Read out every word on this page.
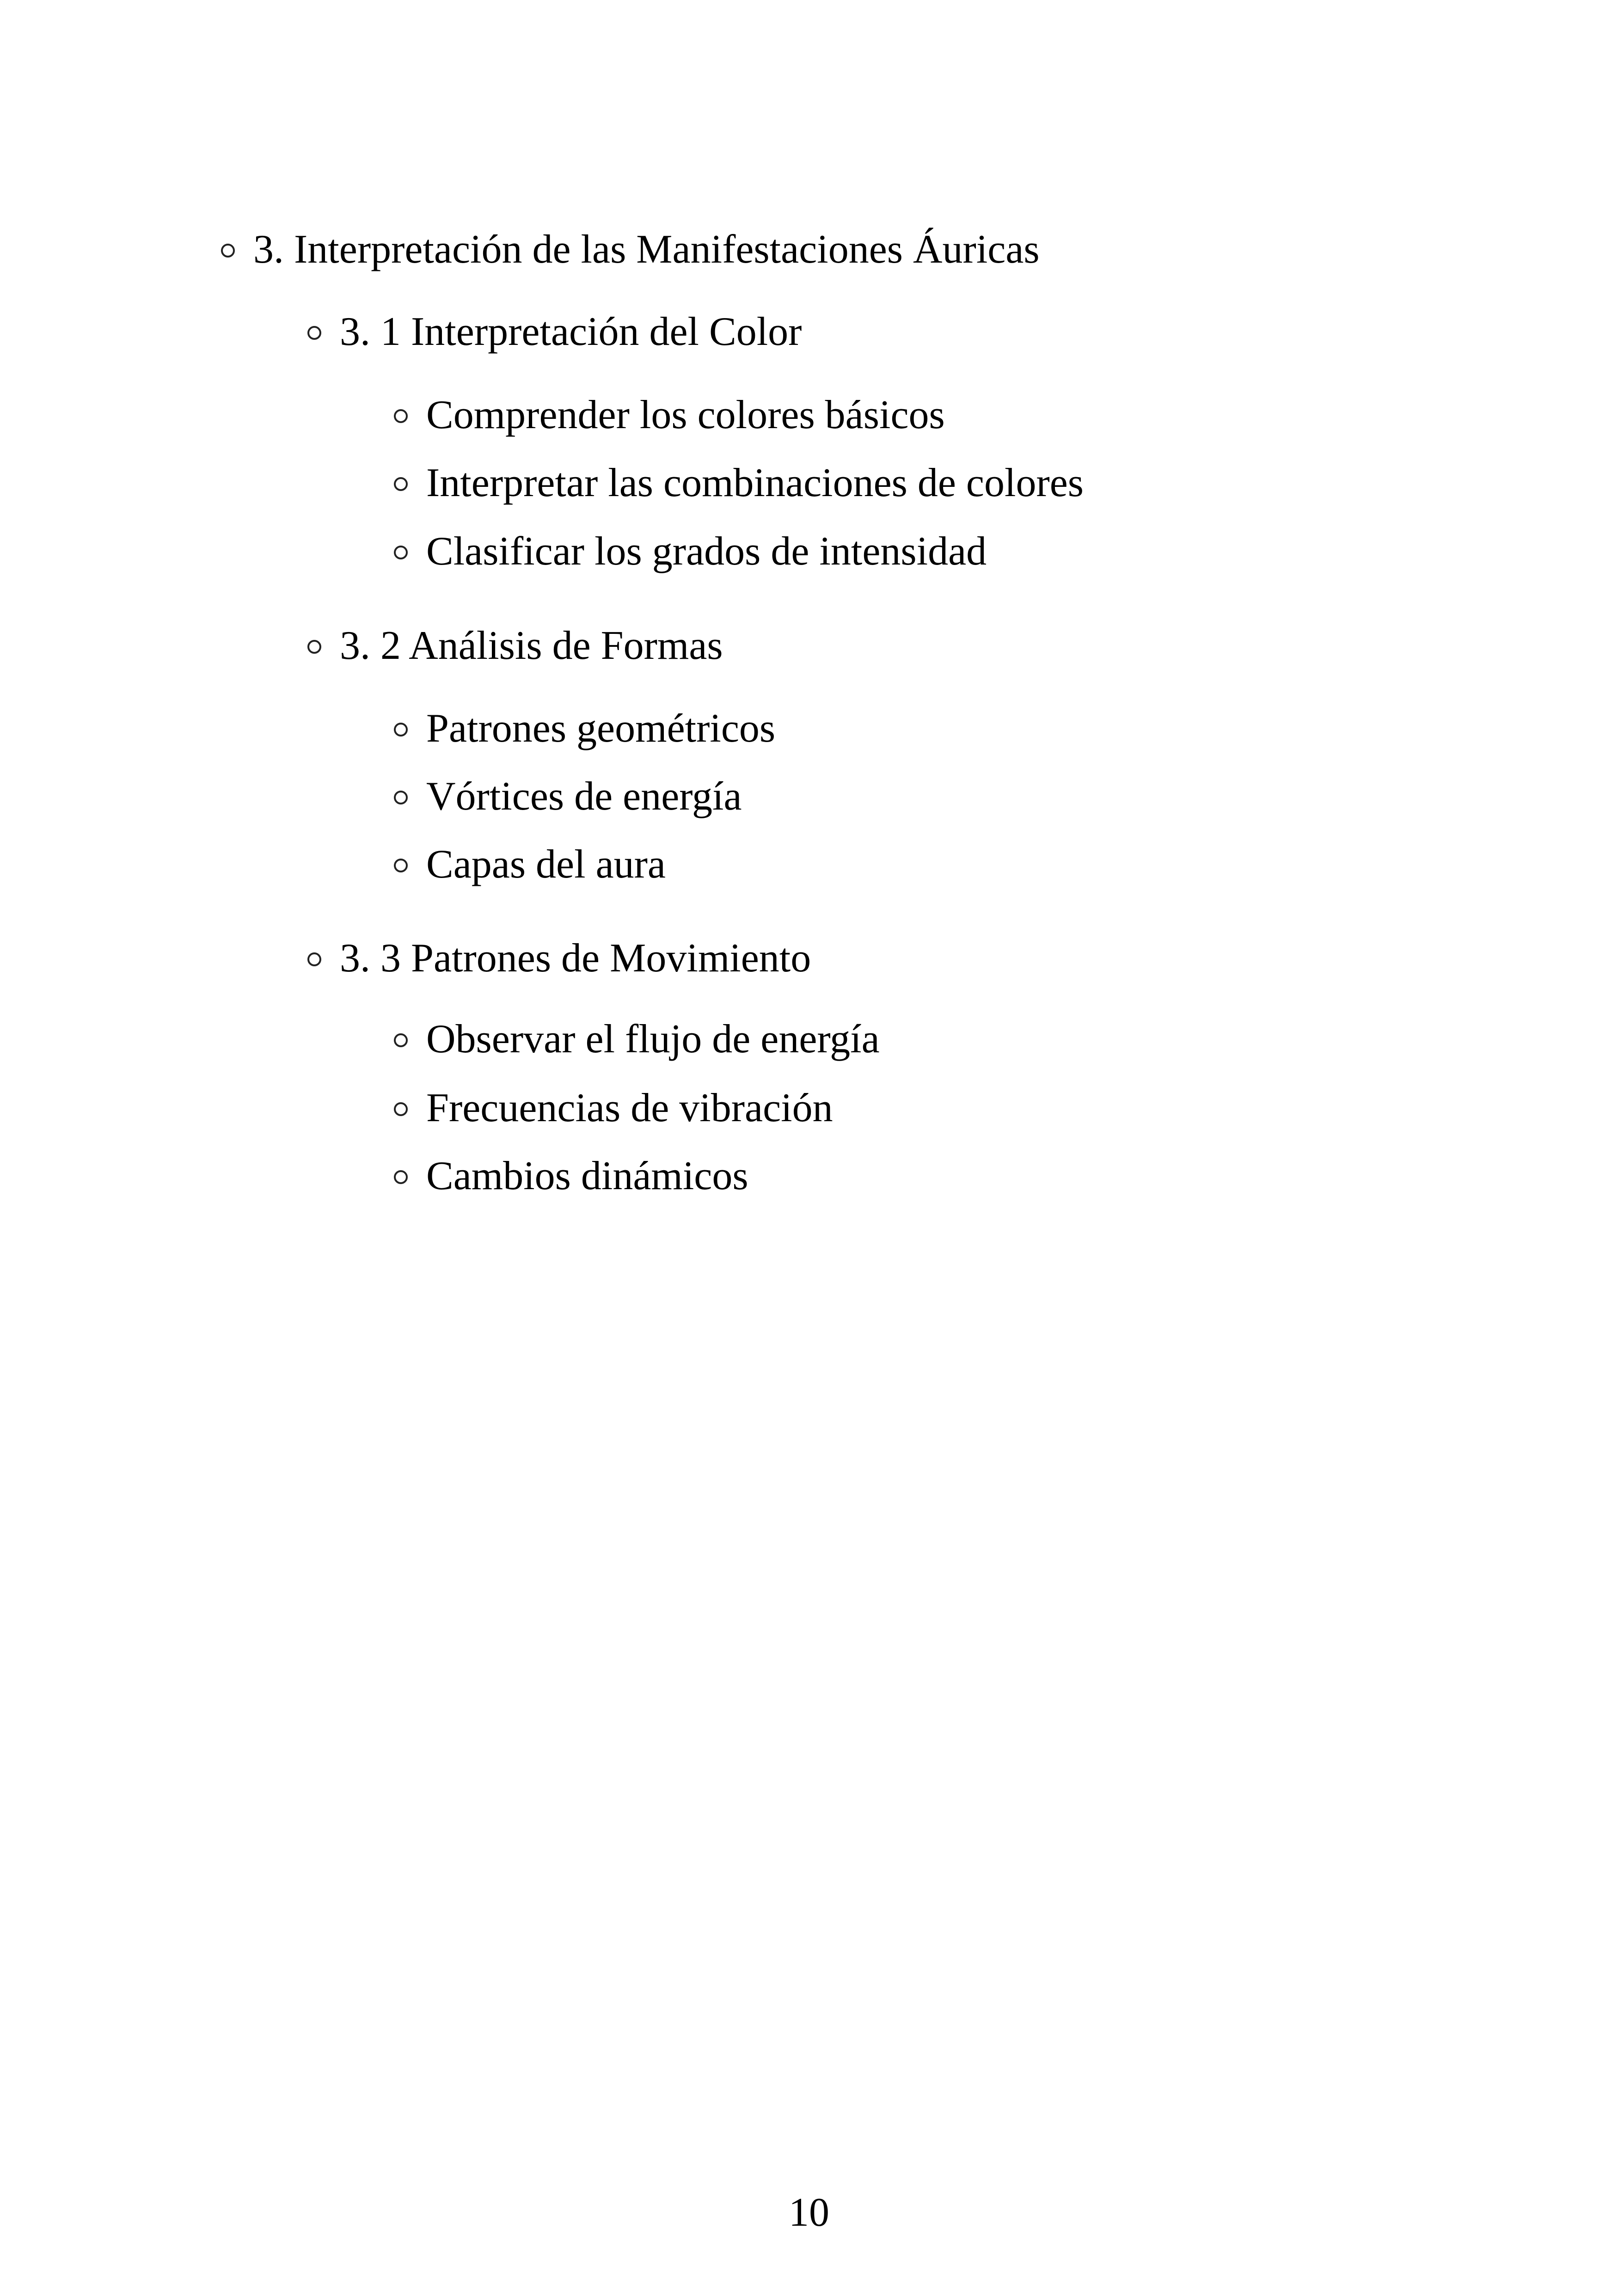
3. Interpretación de las Manifestaciones Áuricas
3. 1 Interpretación del Color
Comprender los colores básicos
Interpretar las combinaciones de colores
Clasificar los grados de intensidad
3. 2 Análisis de Formas
Patrones geométricos
Vórtices de energía
Capas del aura
3. 3 Patrones de Movimiento
Observar el flujo de energía
Frecuencias de vibración
Cambios dinámicos
10
